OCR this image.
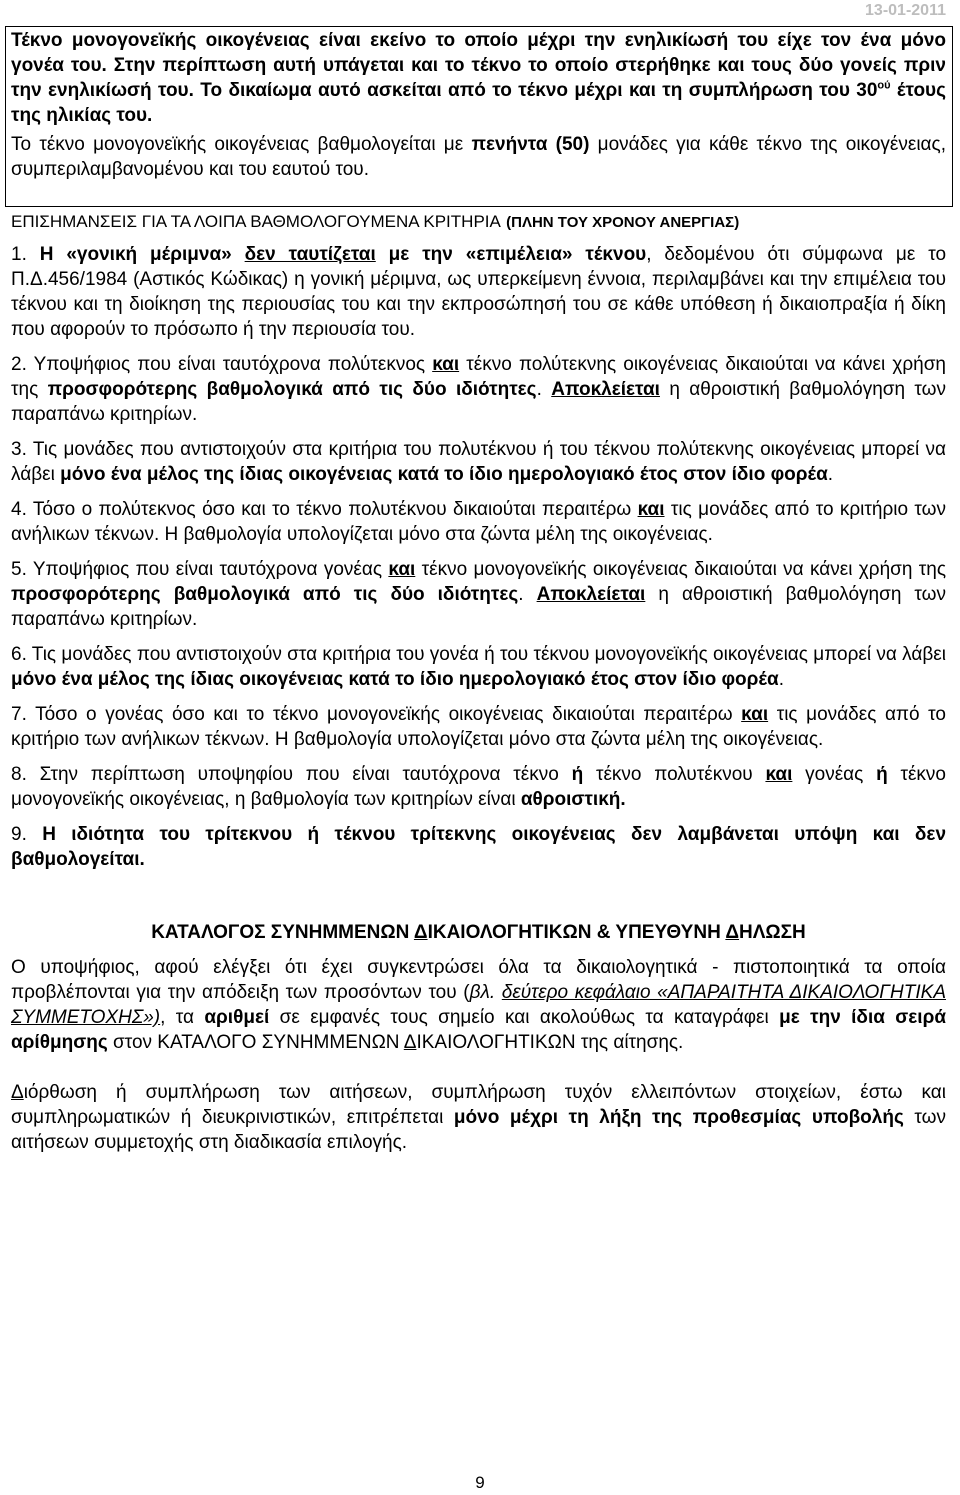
13-01-2011

Τέκνο μονογονεϊκής οικογένειας είναι εκείνο το οποίο μέχρι την ενηλικίωσή του είχε τον ένα μόνο γονέα του. Στην περίπτωση αυτή υπάγεται και το τέκνο το οποίο στερήθηκε και τους δύο γονείς πριν την ενηλικίωσή του. Το δικαίωμα αυτό ασκείται από το τέκνο μέχρι και τη συμπλήρωση του $30^{oύ}$ έτους της ηλικίας του.

Το τέκνο μονογονεϊκής οικογένειας βαθμολογείται με πενήντα (50) μονάδες για κάθε τέκνο της οικογένειας, συμπεριλαμβανομένου και του εαυτού του.

ΕΠΙΣΗΜΑΝΣΕΙΣ ΓΙΑ ΤΑ ΛΟΙΠΑ ΒΑΘΜΟΛΟΓΟΥΜΕΝΑ ΚΡΙΤΗΡΙΑ (ΠΛΗΝ ΤΟΥ ΧΡΟΝΟΥ ΑΝΕΡΓΙΑΣ)

1. Η «γονική μέριμνα» δεν ταυτίζεται με την «επιμέλεια» τέκνου, δεδομένου ότι σύμφωνα με το Π.Δ.456/1984 (Αστικός Κώδικας) η γονική μέριμνα, ως υπερκείμενη έννοια, περιλαμβάνει και την επιμέλεια του τέκνου και τη διοίκηση της περιουσίας του και την εκπροσώπησή του σε κάθε υπόθεση ή δικαιοπραξία ή δίκη που αφορούν το πρόσωπο ή την περιουσία του.

2. Υποψήφιος που είναι ταυτόχρονα πολύτεκνος και τέκνο πολύτεκνης οικογένειας δικαιούται να κάνει χρήση της προσφορότερης βαθμολογικά από τις δύο ιδιότητες. Αποκλείεται η αθροιστική βαθμολόγηση των παραπάνω κριτηρίων.

3. Τις μονάδες που αντιστοιχούν στα κριτήρια του πολυτέκνου ή του τέκνου πολύτεκνης οικογένειας μπορεί να λάβει μόνο ένα μέλος της ίδιας οικογένειας κατά το ίδιο ημερολογιακό έτος στον ίδιο φορέα.

4. Τόσο ο πολύτεκνος όσο και το τέκνο πολυτέκνου δικαιούται περαιτέρω και τις μονάδες από το κριτήριο των ανήλικων τέκνων. Η βαθμολογία υπολογίζεται μόνο στα ζώντα μέλη της οικογένειας.

5. Υποψήφιος που είναι ταυτόχρονα γονέας και τέκνο μονογονεϊκής οικογένειας δικαιούται να κάνει χρήση της προσφορότερης βαθμολογικά από τις δύο ιδιότητες. Αποκλείεται η αθροιστική βαθμολόγηση των παραπάνω κριτηρίων.

6. Τις μονάδες που αντιστοιχούν στα κριτήρια του γονέα ή του τέκνου μονογονεϊκής οικογένειας μπορεί να λάβει μόνο ένα μέλος της ίδιας οικογένειας κατά το ίδιο ημερολογιακό έτος στον ίδιο φορέα.

7. Τόσο ο γονέας όσο και το τέκνο μονογονεϊκής οικογένειας δικαιούται περαιτέρω και τις μονάδες από το κριτήριο των ανήλικων τέκνων. Η βαθμολογία υπολογίζεται μόνο στα ζώντα μέλη της οικογένειας.

8. Στην περίπτωση υποψηφίου που είναι ταυτόχρονα τέκνο ή τέκνο πολυτέκνου και γονέας ή τέκνο μονογονεϊκής οικογένειας, η βαθμολογία των κριτηρίων είναι αθροιστική.

9. Η ιδιότητα του τρίτεκνου ή τέκνου τρίτεκνης οικογένειας δεν λαμβάνεται υπόψη και δεν βαθμολογείται.

ΚΑΤΑΛΟΓΟΣ ΣΥΝΗΜΜΕΝΩΝ ΔΙΚΑΙΟΛΟΓΗΤΙΚΩΝ & ΥΠΕΥΘΥΝΗ ΔΗΛΩΣΗ

Ο υποψήφιος, αφού ελέγξει ότι έχει συγκεντρώσει όλα τα δικαιολογητικά - πιστοποιητικά τα οποία προβλέπονται για την απόδειξη των προσόντων του (βλ. δεύτερο κεφάλαιο «ΑΠΑΡΑΙΤΗΤΑ ΔΙΚΑΙΟΛΟΓΗΤΙΚΑ ΣΥΜΜΕΤΟΧΗΣ»), τα αριθμεί σε εμφανές τους σημείο και ακολούθως τα καταγράφει με την ίδια σειρά αρίθμησης στον ΚΑΤΑΛΟΓΟ ΣΥΝΗΜΜΕΝΩΝ ΔΙΚΑΙΟΛΟΓΗΤΙΚΩΝ της αίτησης.

Διόρθωση ή συμπλήρωση των αιτήσεων, συμπλήρωση τυχόν ελλειπόντων στοιχείων, έστω και συμπληρωματικών ή διευκρινιστικών, επιτρέπεται μόνο μέχρι τη λήξη της προθεσμίας υποβολής των αιτήσεων συμμετοχής στη διαδικασία επιλογής.

9
